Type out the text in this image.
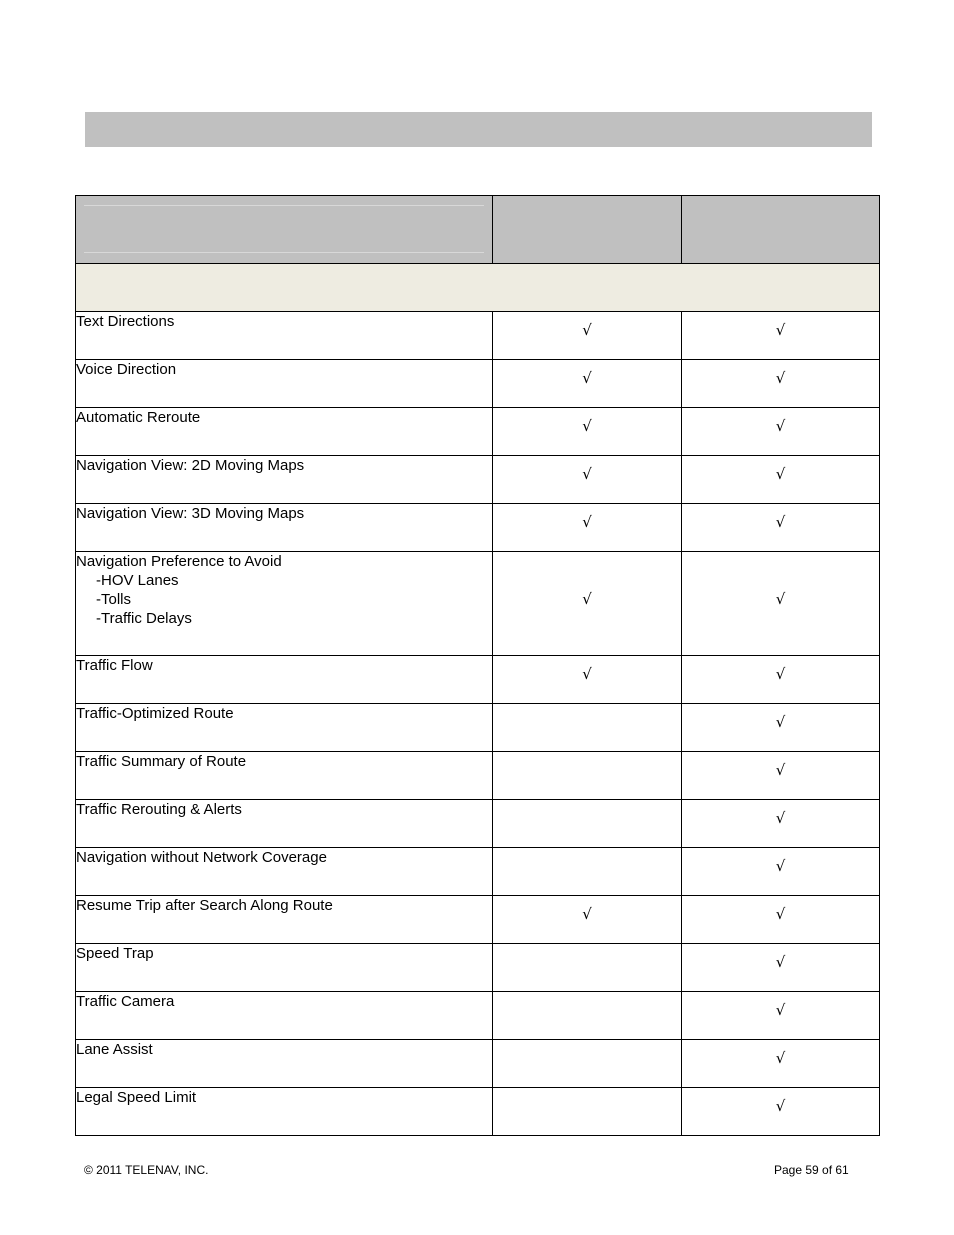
Text Directions	√	√

Voice Direction	√	√

Automatic Reroute	√	√

Navigation View: 2D Moving Maps	√	√

Navigation View: 3D Moving Maps	√	√

Navigation Preference to Avoid
-HOV Lanes
-Tolls
-Traffic Delays	√	√

Traffic Flow	√	√

Traffic-Optimized Route		√

Traffic Summary of Route		√

Traffic Rerouting & Alerts		√

Navigation without Network Coverage		√

Resume Trip after Search Along Route	√	√

Speed Trap		√

Traffic Camera		√

Lane Assist		√

Legal Speed Limit		√
© 2011 TELENAV, INC.	Page 59 of 61
